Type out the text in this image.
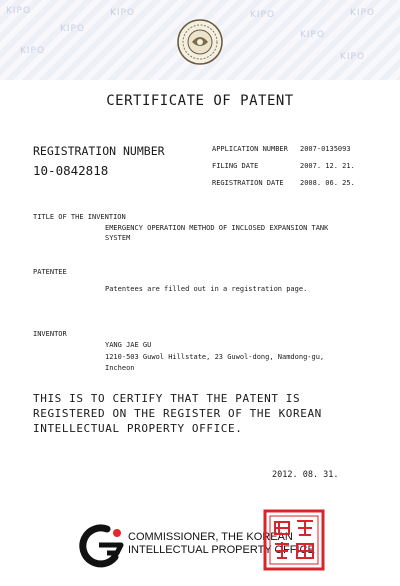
KIPO
KIPO
KIPO
KIPO	KIPO
KIPO
KIPO
KIPO
CERTIFICATE OF PATENT
REGISTRATION NUMBER
10-0842818
APPLICATION NUMBER 2007-0135093
FILING DATE	2007. 12. 21.
REGISTRATION DATE 2008. 06. 25.
TITLE OF THE INVENTION
EMERGENCY OPERATION METHOD OF INCLOSED EXPANSION TANK
SYSTEM
PATENTEE
Patentees are filled out in a registration page.
INVENTOR
YANG JAE GU
1210-503 Guwol Hillstate, 23 Guwol-dong, Namdong-gu,
Incheon
THIS IS TO CERTIFY THAT THE PATENT IS
REGISTERED ON THE REGISTER OF THE KOREAN
INTELLECTUAL PROPERTY OFFICE.
2012. 08. 31.
COMMISSIONER, THE KOREAN
INTELLECTUAL PROPERTY OFFICE
